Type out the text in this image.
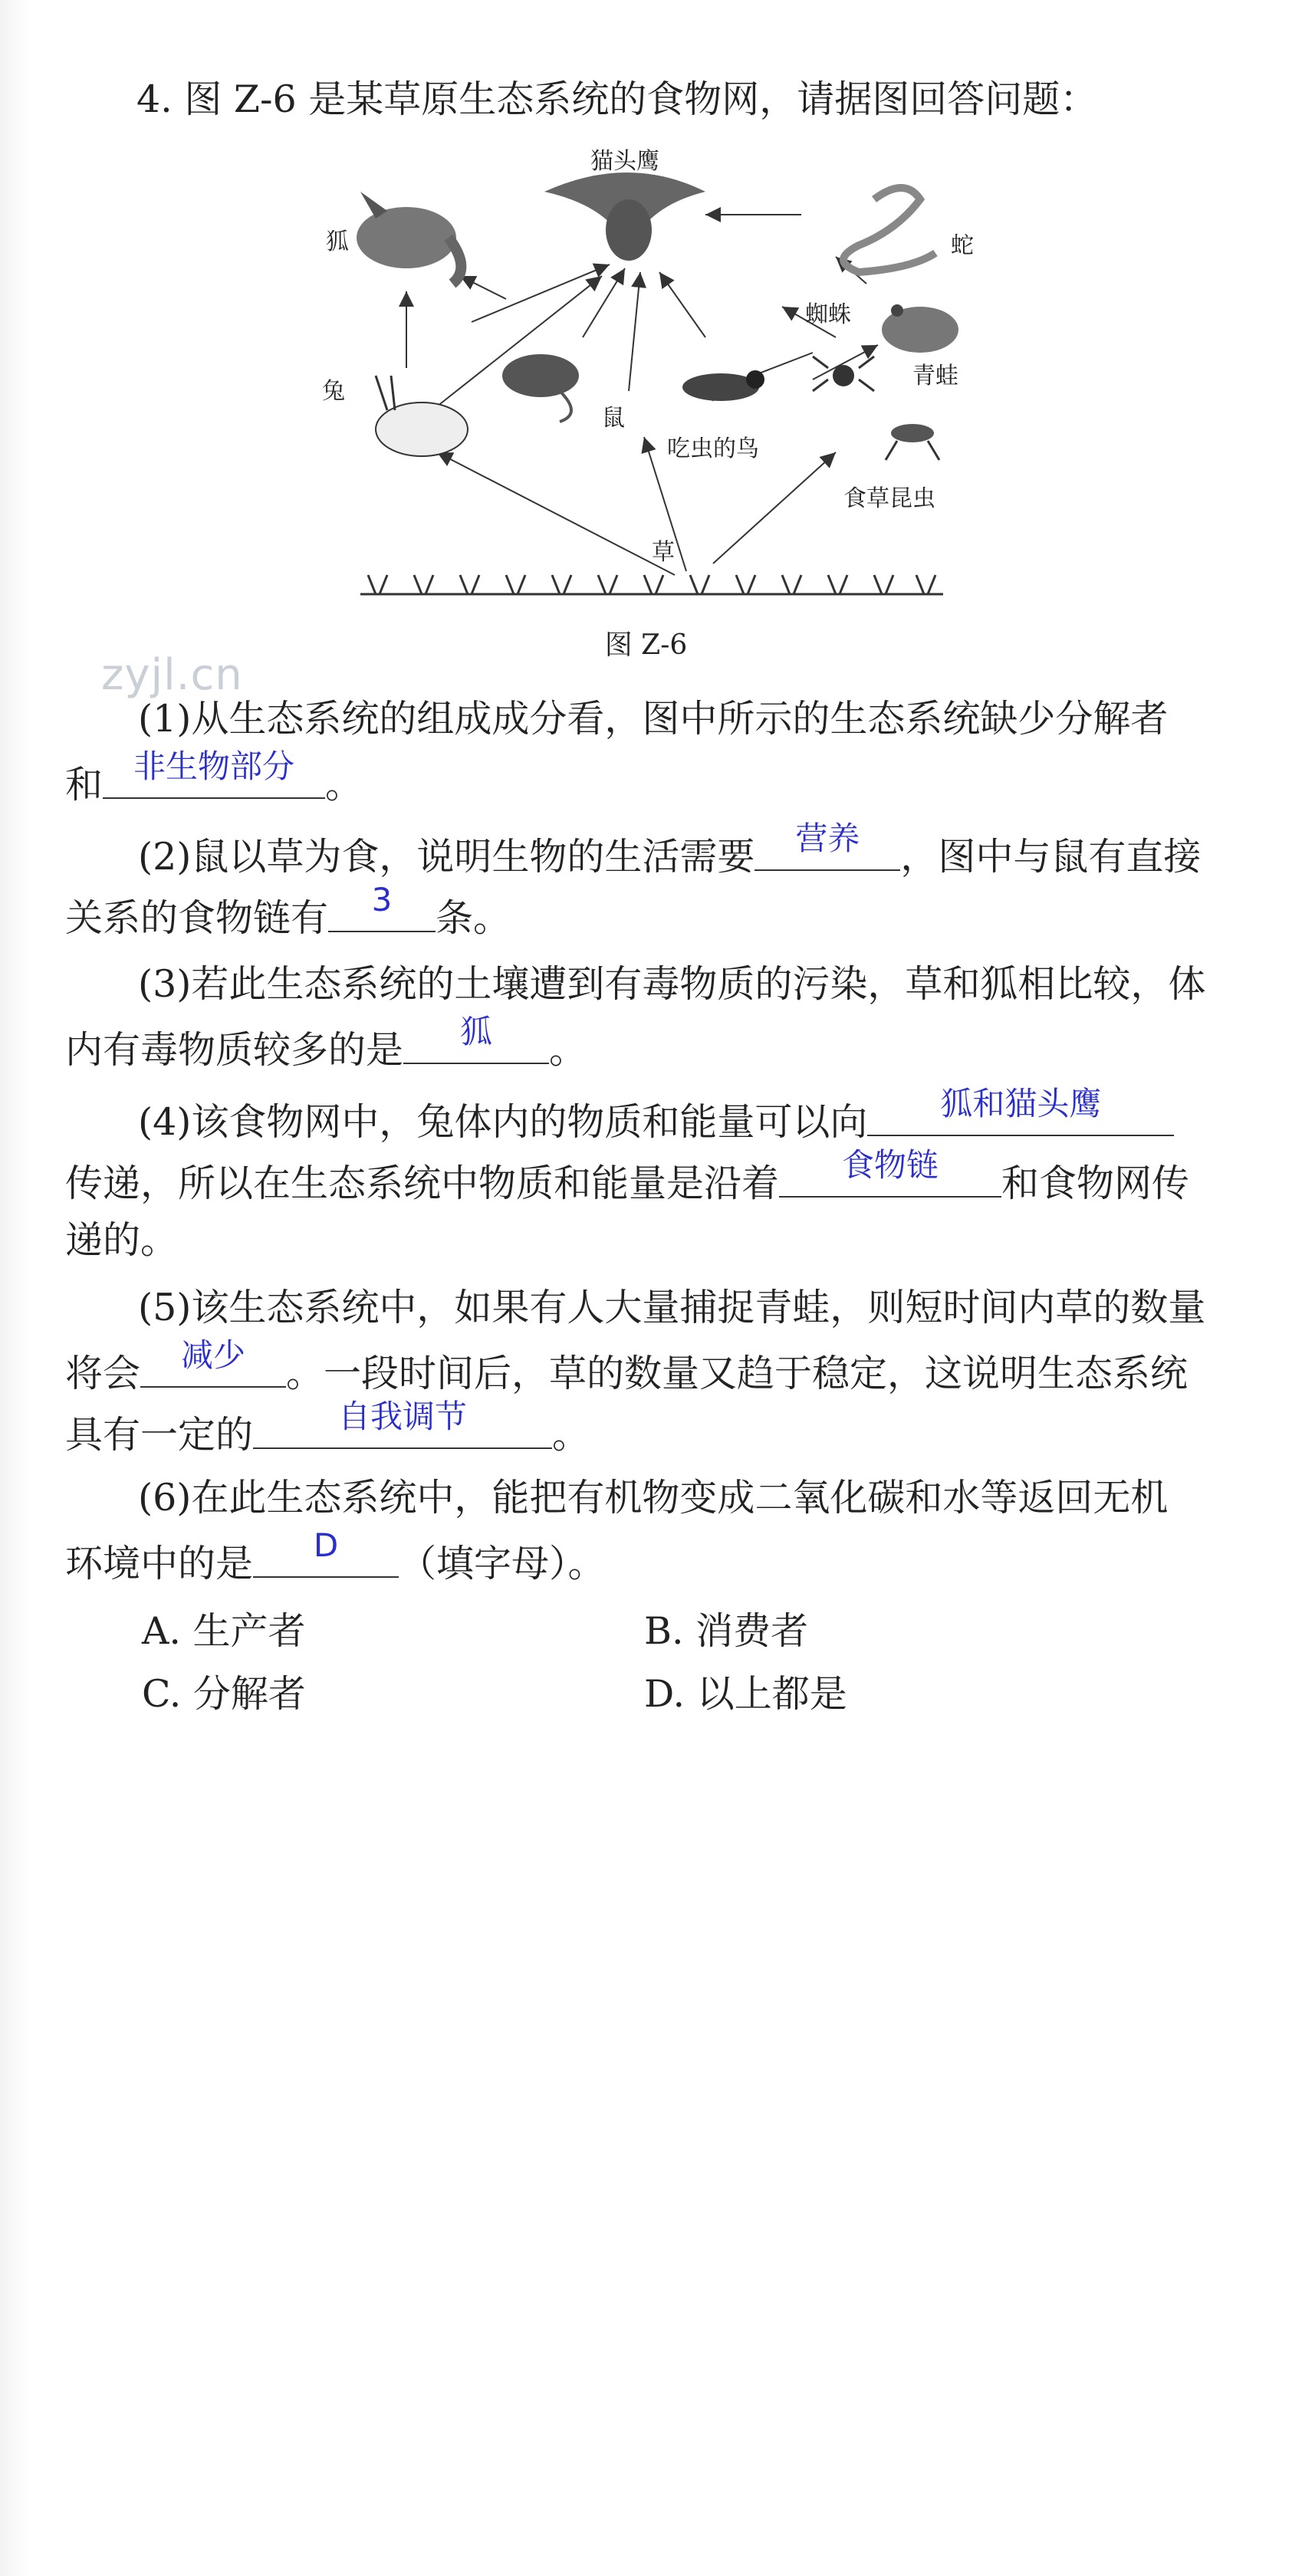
4. 图 Z-6 是某草原生态系统的食物网，请据图回答问题：
狐
猫头鹰
蛇
青蛙
蜘蛛
兔
鼠
吃虫的鸟
食草昆虫
草
图 Z-6
zyjl.cn
(1)从生态系统的组成成分看，图中所示的生态系统缺少分解者
和 非生物部分 。
(2)鼠以草为食，说明生物的生活需要	营养	，图中与鼠有直接
关系的食物链有	3	条。
(3)若此生态系统的土壤遭到有毒物质的污染，草和狐相比较，体
内有毒物质较多的是	狐	。
(4)该食物网中，兔体内的物质和能量可以向	狐和猫头鹰
传递，所以在生态系统中物质和能量是沿着	食物链	和食物网传
递的。
(5)该生态系统中，如果有人大量捕捉青蛙，则短时间内草的数量
将会	减少	。一段时间后，草的数量又趋于稳定，这说明生态系统
具有一定的	自我调节	。
(6)在此生态系统中，能把有机物变成二氧化碳和水等返回无机
环境中的是	D	（填字母）。
A. 生产者	B. 消费者
C. 分解者	D. 以上都是
